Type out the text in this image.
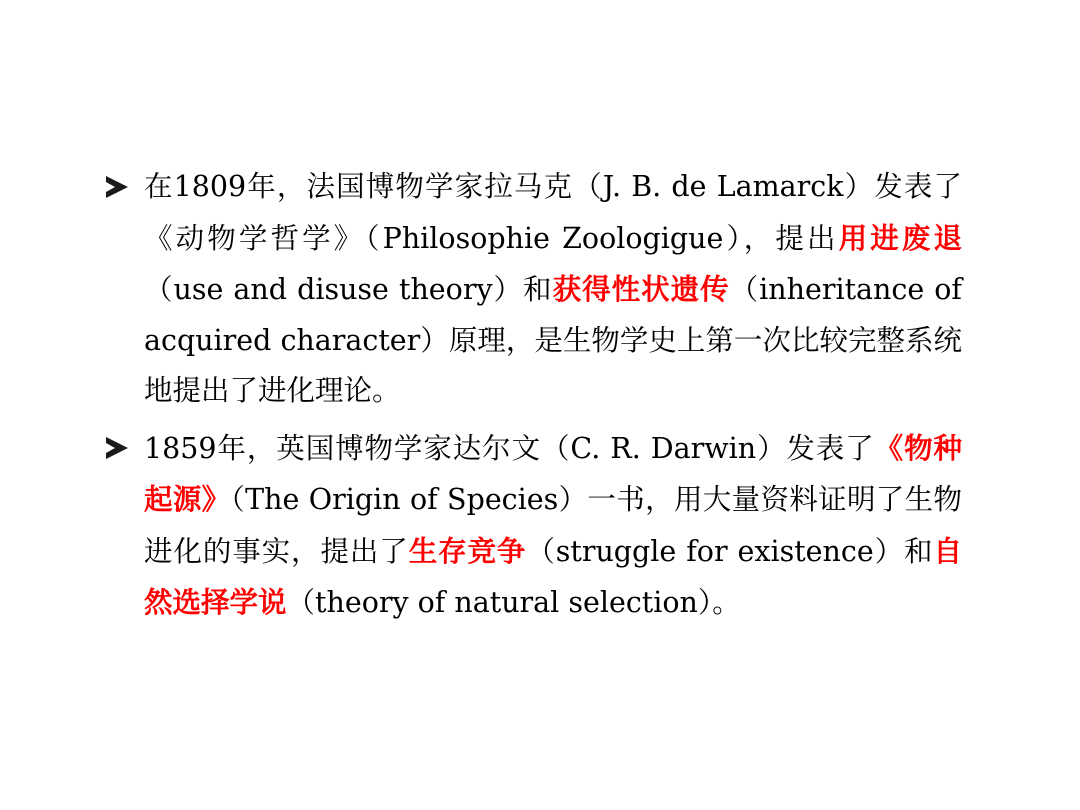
在1809年，法国博物学家拉马克（J. B. de Lamarck）发表了《动物学哲学》（Philosophie Zoologigue），提出用进废退（use and disuse theory）和获得性状遗传（inheritance of acquired character）原理，是生物学史上第一次比较完整系统地提出了进化理论。
1859年，英国博物学家达尔文（C. R. Darwin）发表了《物种起源》（The Origin of Species）一书，用大量资料证明了生物进化的事实，提出了生存竞争（struggle for existence）和自然选择学说（theory of natural selection）。
